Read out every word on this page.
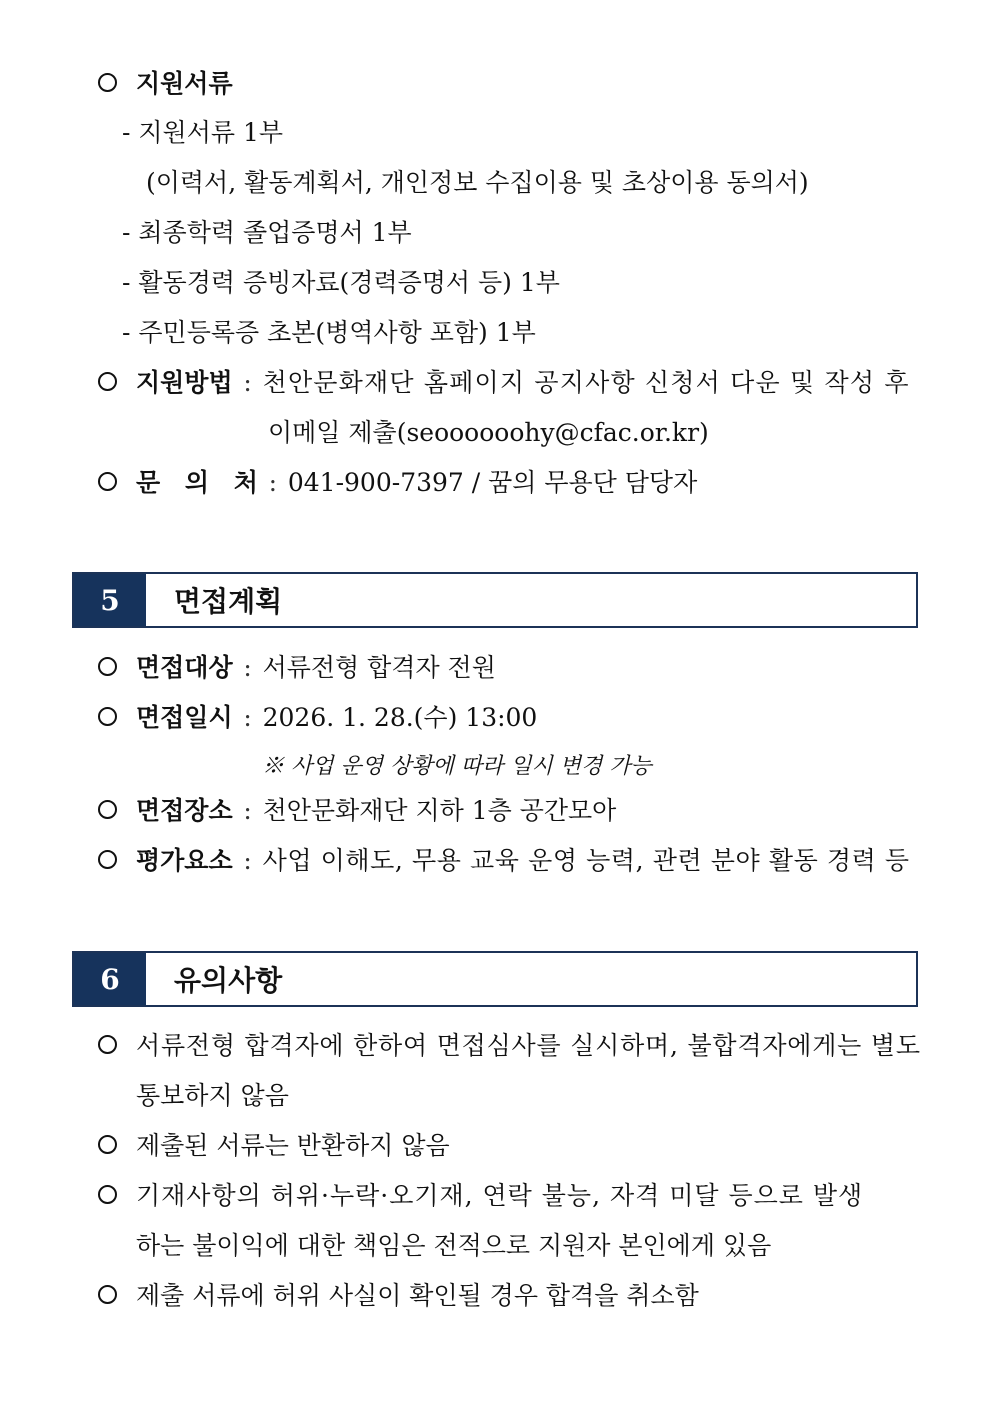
지원서류
- 지원서류 1부
(이력서, 활동계획서, 개인정보 수집이용 및 초상이용 동의서)
- 최종학력 졸업증명서 1부
- 활동경력 증빙자료(경력증명서 등) 1부
- 주민등록증 초본(병역사항 포함) 1부
지원방법 : 천안문화재단 홈페이지 공지사항 신청서 다운 및 작성 후
이메일 제출(seoooooohy@cfac.or.kr)
문 의 처 : 041-900-7397 / 꿈의 무용단 담당자
5	면접계획
면접대상 : 서류전형 합격자 전원
면접일시 : 2026. 1. 28.(수) 13:00
※ 사업 운영 상황에 따라 일시 변경 가능
면접장소 : 천안문화재단 지하 1층 공간모아
평가요소 : 사업 이해도, 무용 교육 운영 능력, 관련 분야 활동 경력 등
6	유의사항
서류전형 합격자에 한하여 면접심사를 실시하며, 불합격자에게는 별도
통보하지 않음
제출된 서류는 반환하지 않음
기재사항의 허위·누락·오기재, 연락 불능, 자격 미달 등으로 발생
하는 불이익에 대한 책임은 전적으로 지원자 본인에게 있음
제출 서류에 허위 사실이 확인될 경우 합격을 취소함
